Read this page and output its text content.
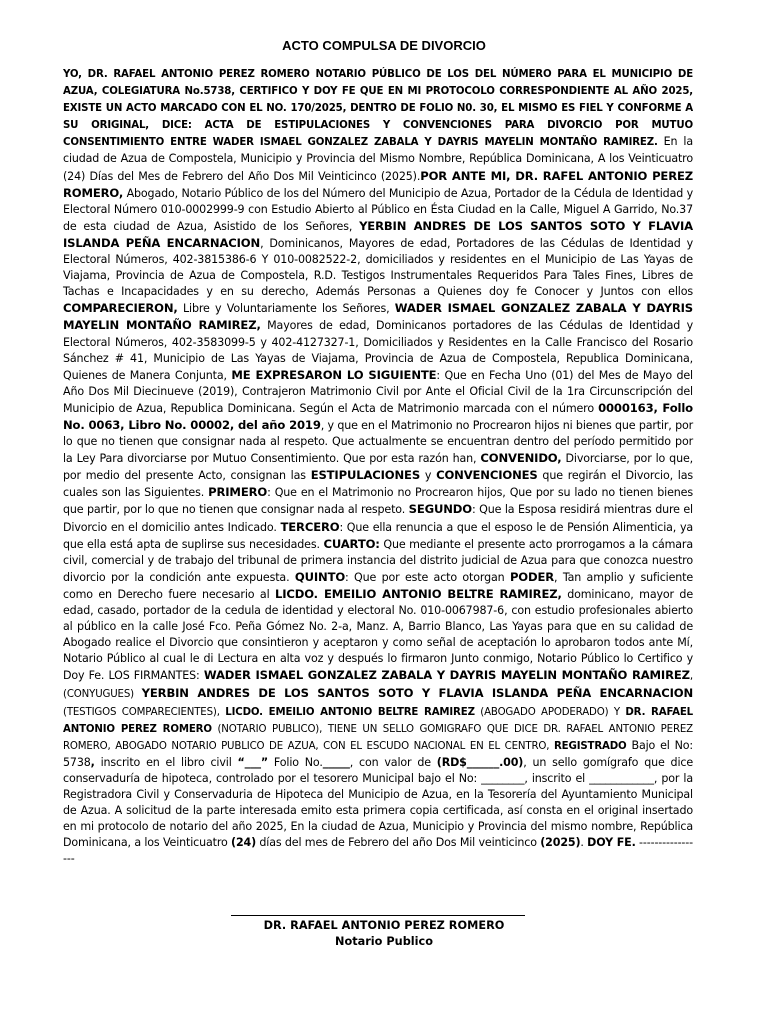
ACTO COMPULSA DE DIVORCIO
YO, DR. RAFAEL ANTONIO PEREZ ROMERO NOTARIO PÚBLICO DE LOS DEL NÚMERO PARA EL MUNICIPIO DE AZUA, COLEGIATURA No.5738, CERTIFICO Y DOY FE QUE EN MI PROTOCOLO CORRESPONDIENTE AL AÑO 2025, EXISTE UN ACTO MARCADO CON EL NO. 170/2025, DENTRO DE FOLIO N0. 30, EL MISMO ES FIEL Y CONFORME A SU ORIGINAL, DICE: ACTA DE ESTIPULACIONES Y CONVENCIONES PARA DIVORCIO POR MUTUO CONSENTIMIENTO ENTRE WADER ISMAEL GONZALEZ ZABALA Y DAYRIS MAYELIN MONTAÑO RAMIREZ. En la ciudad de Azua de Compostela, Municipio y Provincia del Mismo Nombre, República Dominicana, A los Veinticuatro (24) Días del Mes de Febrero del Año Dos Mil Veinticinco (2025).POR ANTE MI, DR. RAFEL ANTONIO PEREZ ROMERO, Abogado, Notario Público de los del Número del Municipio de Azua, Portador de la Cédula de Identidad y Electoral Número 010-0002999-9 con Estudio Abierto al Público en Ésta Ciudad en la Calle, Miguel A Garrido, No.37 de esta ciudad de Azua, Asistido de los Señores, YERBIN ANDRES DE LOS SANTOS SOTO Y FLAVIA ISLANDA PEÑA ENCARNACION, Dominicanos, Mayores de edad, Portadores de las Cédulas de Identidad y Electoral Números, 402-3815386-6 Y 010-0082522-2, domiciliados y residentes en el Municipio de Las Yayas de Viajama, Provincia de Azua de Compostela, R.D. Testigos Instrumentales Requeridos Para Tales Fines, Libres de Tachas e Incapacidades y en su derecho, Además Personas a Quienes doy fe Conocer y Juntos con ellos COMPARECIERON, Libre y Voluntariamente los Señores, WADER ISMAEL GONZALEZ ZABALA Y DAYRIS MAYELIN MONTAÑO RAMIREZ, Mayores de edad, Dominicanos portadores de las Cédulas de Identidad y Electoral Números, 402-3583099-5 y 402-4127327-1, Domiciliados y Residentes en la Calle Francisco del Rosario Sánchez # 41, Municipio de Las Yayas de Viajama, Provincia de Azua de Compostela, Republica Dominicana, Quienes de Manera Conjunta, ME EXPRESARON LO SIGUIENTE: Que en Fecha Uno (01) del Mes de Mayo del Año Dos Mil Diecinueve (2019), Contrajeron Matrimonio Civil por Ante el Oficial Civil de la 1ra Circunscripción del Municipio de Azua, Republica Dominicana. Según el Acta de Matrimonio marcada con el número 0000163, Follo No. 0063, Libro No. 00002, del año 2019, y que en el Matrimonio no Procrearon hijos ni bienes que partir, por lo que no tienen que consignar nada al respeto. Que actualmente se encuentran dentro del período permitido por la Ley Para divorciarse por Mutuo Consentimiento. Que por esta razón han, CONVENIDO, Divorciarse, por lo que, por medio del presente Acto, consignan las ESTIPULACIONES y CONVENCIONES que regirán el Divorcio, las cuales son las Siguientes. PRIMERO: Que en el Matrimonio no Procrearon hijos, Que por su lado no tienen bienes que partir, por lo que no tienen que consignar nada al respeto. SEGUNDO: Que la Esposa residirá mientras dure el Divorcio en el domicilio antes Indicado. TERCERO: Que ella renuncia a que el esposo le de Pensión Alimenticia, ya que ella está apta de suplirse sus necesidades. CUARTO: Que mediante el presente acto prorrogamos a la cámara civil, comercial y de trabajo del tribunal de primera instancia del distrito judicial de Azua para que conozca nuestro divorcio por la condición ante expuesta. QUINTO: Que por este acto otorgan PODER, Tan amplio y suficiente como en Derecho fuere necesario al LICDO. EMEILIO ANTONIO BELTRE RAMIREZ, dominicano, mayor de edad, casado, portador de la cedula de identidad y electoral No. 010-0067987-6, con estudio profesionales abierto al público en la calle José Fco. Peña Gómez No. 2-a, Manz. A, Barrio Blanco, Las Yayas para que en su calidad de Abogado realice el Divorcio que consintieron y aceptaron y como señal de aceptación lo aprobaron todos ante Mí, Notario Público al cual le di Lectura en alta voz y después lo firmaron Junto conmigo, Notario Público lo Certifico y Doy Fe. LOS FIRMANTES: WADER ISMAEL GONZALEZ ZABALA Y DAYRIS MAYELIN MONTAÑO RAMIREZ, (CONYUGUES) YERBIN ANDRES DE LOS SANTOS SOTO Y FLAVIA ISLANDA PEÑA ENCARNACION (TESTIGOS COMPARECIENTES), LICDO. EMEILIO ANTONIO BELTRE RAMIREZ (ABOGADO APODERADO) Y DR. RAFAEL ANTONIO PEREZ ROMERO (NOTARIO PUBLICO), TIENE UN SELLO GOMIGRAFO QUE DICE DR. RAFAEL ANTONIO PEREZ ROMERO, ABOGADO NOTARIO PUBLICO DE AZUA, CON EL ESCUDO NACIONAL EN EL CENTRO, REGISTRADO Bajo el No: 5738, inscrito en el libro civil “___” Folio No._____, con valor de (RD$______.00), un sello gomígrafo que dice conservaduría de hipoteca, controlado por el tesorero Municipal bajo el No: ________, inscrito el ____________, por la Registradora Civil y Conservaduria de Hipoteca del Municipio de Azua, en la Tesorería del Ayuntamiento Municipal de Azua. A solicitud de la parte interesada emito esta primera copia certificada, así consta en el original insertado en mi protocolo de notario del año 2025, En la ciudad de Azua, Municipio y Provincia del mismo nombre, República Dominicana, a los Veinticuatro (24) días del mes de Febrero del año Dos Mil veinticinco (2025). DOY FE. -----------------
DR. RAFAEL ANTONIO PEREZ ROMERO
Notario Publico
